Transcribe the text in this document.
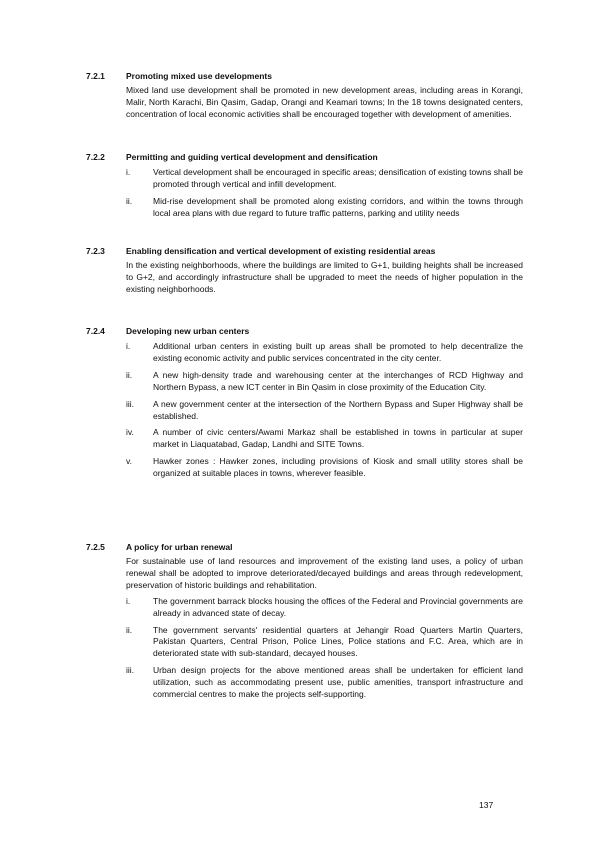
7.2.1 Promoting mixed use developments
Mixed land use development shall be promoted in new development areas, including areas in Korangi, Malir, North Karachi, Bin Qasim, Gadap, Orangi and Keamari towns; In the 18 towns designated centers, concentration of local economic activities shall be encouraged together with development of amenities.
7.2.2 Permitting and guiding vertical development and densification
i.	Vertical development shall be encouraged in specific areas; densification of existing towns shall be promoted through vertical and infill development.
ii. Mid-rise development shall be promoted along existing corridors, and within the towns through local area plans with due regard to future traffic patterns, parking and utility needs
7.2.3 Enabling densification and vertical development of existing residential areas
In the existing neighborhoods, where the buildings are limited to G+1, building heights shall be increased to G+2, and accordingly infrastructure shall be upgraded to meet the needs of higher population in the existing neighborhoods.
7.2.4 Developing new urban centers
i.	Additional urban centers in existing built up areas shall be promoted to help decentralize the existing economic activity and public services concentrated in the city center.
ii. A new high-density trade and warehousing center at the interchanges of RCD Highway and Northern Bypass, a new ICT center in Bin Qasim in close proximity of the Education City.
iii. A new government center at the intersection of the Northern Bypass and Super Highway shall be established.
iv. A number of civic centers/Awami Markaz shall be established in towns in particular at super market in Liaquatabad, Gadap, Landhi and SITE Towns.
v. Hawker zones : Hawker zones, including provisions of Kiosk and small utility stores shall be organized at suitable places in towns, wherever feasible.
7.2.5 A policy for urban renewal
For sustainable use of land resources and improvement of the existing land uses, a policy of urban renewal shall be adopted to improve deteriorated/decayed buildings and areas through redevelopment, preservation of historic buildings and rehabilitation.
i.	The government barrack blocks housing the offices of the Federal and Provincial governments are already in advanced state of decay.
ii. The government servants' residential quarters at Jehangir Road Quarters Martin Quarters, Pakistan Quarters, Central Prison, Police Lines, Police stations and F.C. Area, which are in deteriorated state with sub-standard, decayed houses.
iii. Urban design projects for the above mentioned areas shall be undertaken for efficient land utilization, such as accommodating present use, public amenities, transport infrastructure and commercial centres to make the projects self-supporting.
137
